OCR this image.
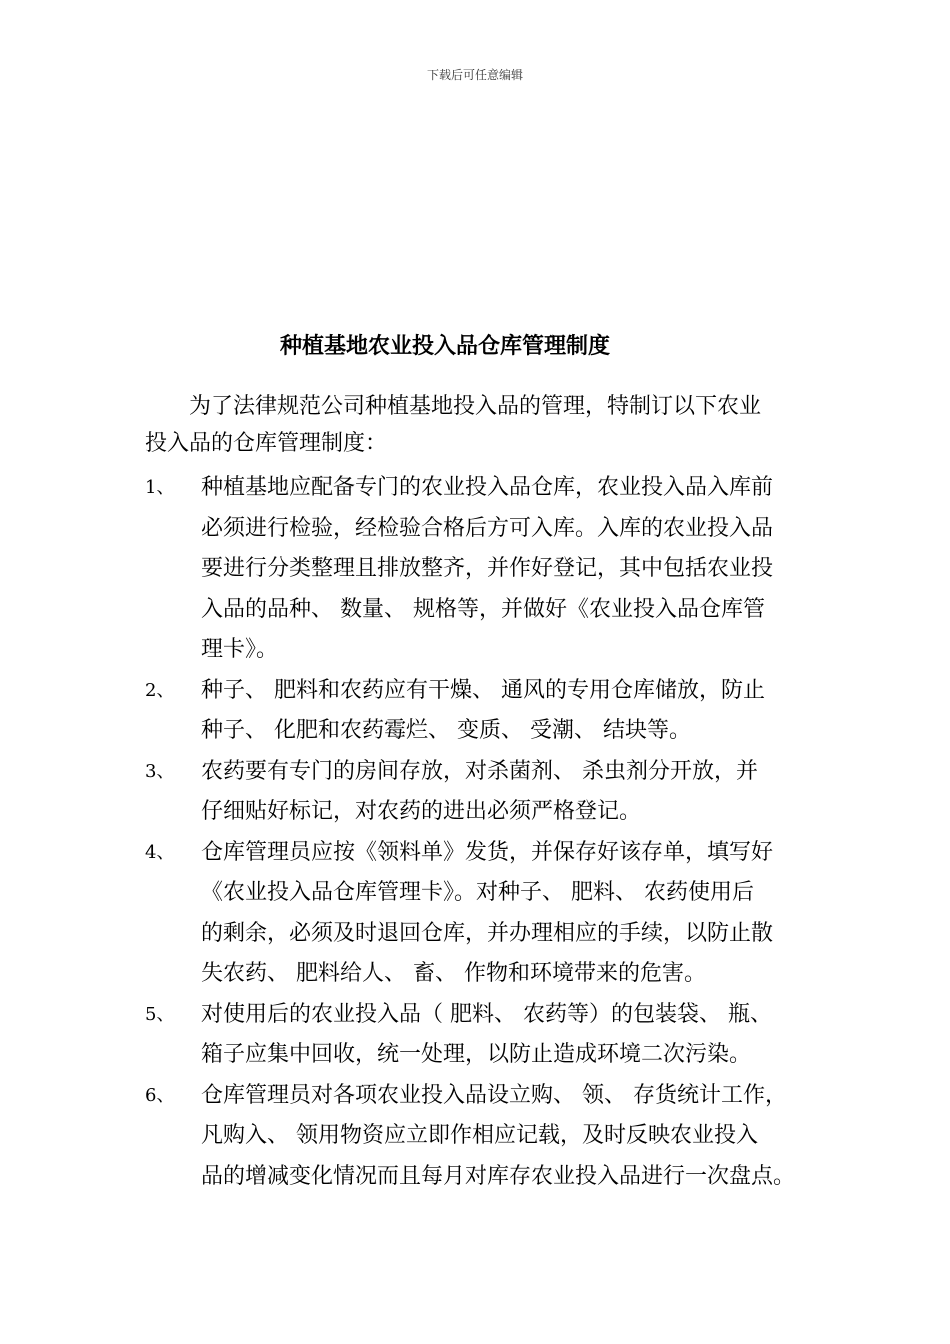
下载后可任意编辑
种植基地农业投入品仓库管理制度
为了法律规范公司种植基地投入品的管理，特制订以下农业
投入品的仓库管理制度：
1、 种植基地应配备专门的农业投入品仓库，农业投入品入库前
必须进行检验，经检验合格后方可入库。入库的农业投入品
要进行分类整理且排放整齐，并作好登记，其中包括农业投
入品的品种、 数量、 规格等，并做好《农业投入品仓库管
理卡》。
2、 种子、 肥料和农药应有干燥、 通风的专用仓库储放，防止
种子、 化肥和农药霉烂、 变质、 受潮、 结块等。
3、 农药要有专门的房间存放，对杀菌剂、 杀虫剂分开放，并
仔细贴好标记，对农药的进出必须严格登记。
4、 仓库管理员应按《领料单》发货，并保存好该存单，填写好
《农业投入品仓库管理卡》。对种子、 肥料、 农药使用后
的剩余，必须及时退回仓库，并办理相应的手续，以防止散
失农药、 肥料给人、 畜、 作物和环境带来的危害。
5、 对使用后的农业投入品（ 肥料、 农药等）的包装袋、 瓶、
箱子应集中回收，统一处理，以防止造成环境二次污染。
6、 仓库管理员对各项农业投入品设立购、 领、 存货统计工作，
凡购入、 领用物资应立即作相应记载，及时反映农业投入
品的增减变化情况而且每月对库存农业投入品进行一次盘点。
